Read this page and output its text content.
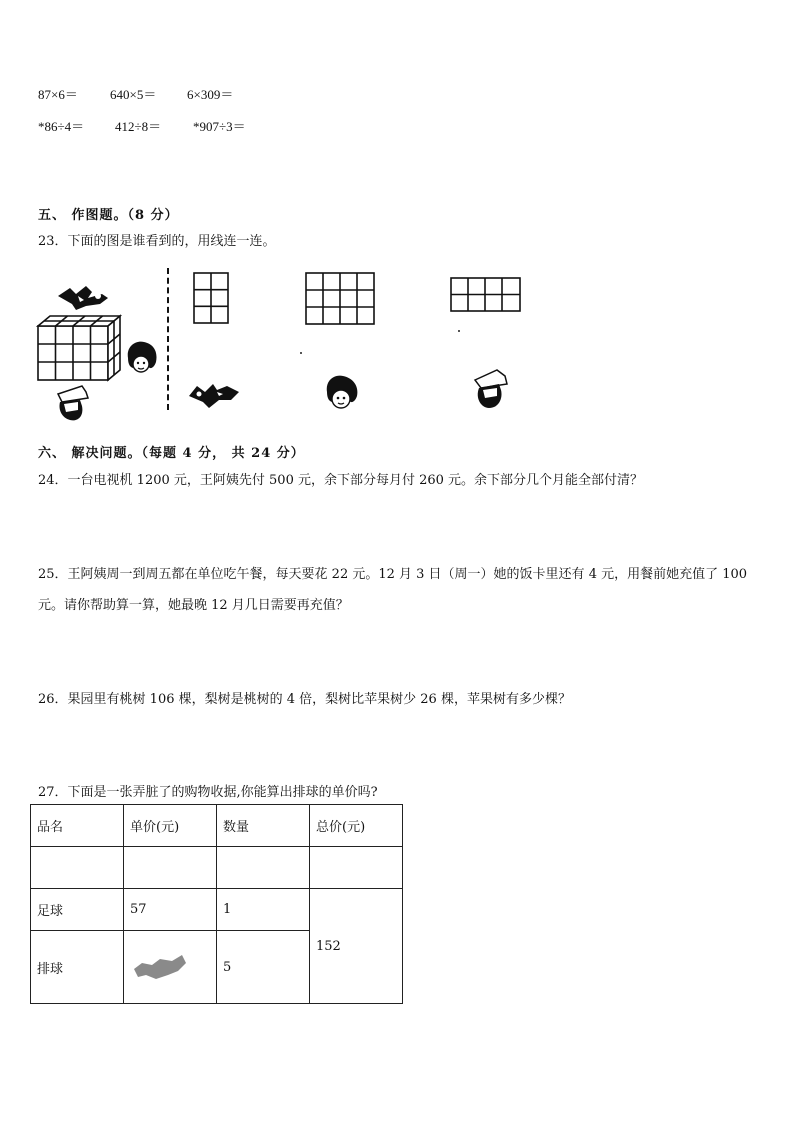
87×6＝ 640×5＝ 6×309＝
*86÷4＝ 412÷8＝ *907÷3＝
五、 作图题。（8 分）
23．下面的图是谁看到的，用线连一连。
六、 解决问题。（每题 4 分， 共 24 分）
24．一台电视机 1200 元，王阿姨先付 500 元，余下部分每月付 260 元。余下部分几个月能全部付清？
25．王阿姨周一到周五都在单位吃午餐，每天要花 22 元。12 月 3 日（周一）她的饭卡里还有 4 元，用餐前她充值了 100
元。请你帮助算一算，她最晚 12 月几日需要再充值？
26．果园里有桃树 106 棵，梨树是桃树的 4 倍，梨树比苹果树少 26 棵，苹果树有多少棵？
27．下面是一张弄脏了的购物收据,你能算出排球的单价吗?
品名	单价(元)	数量	总价(元)

足球	57	1	152
排球		5	
